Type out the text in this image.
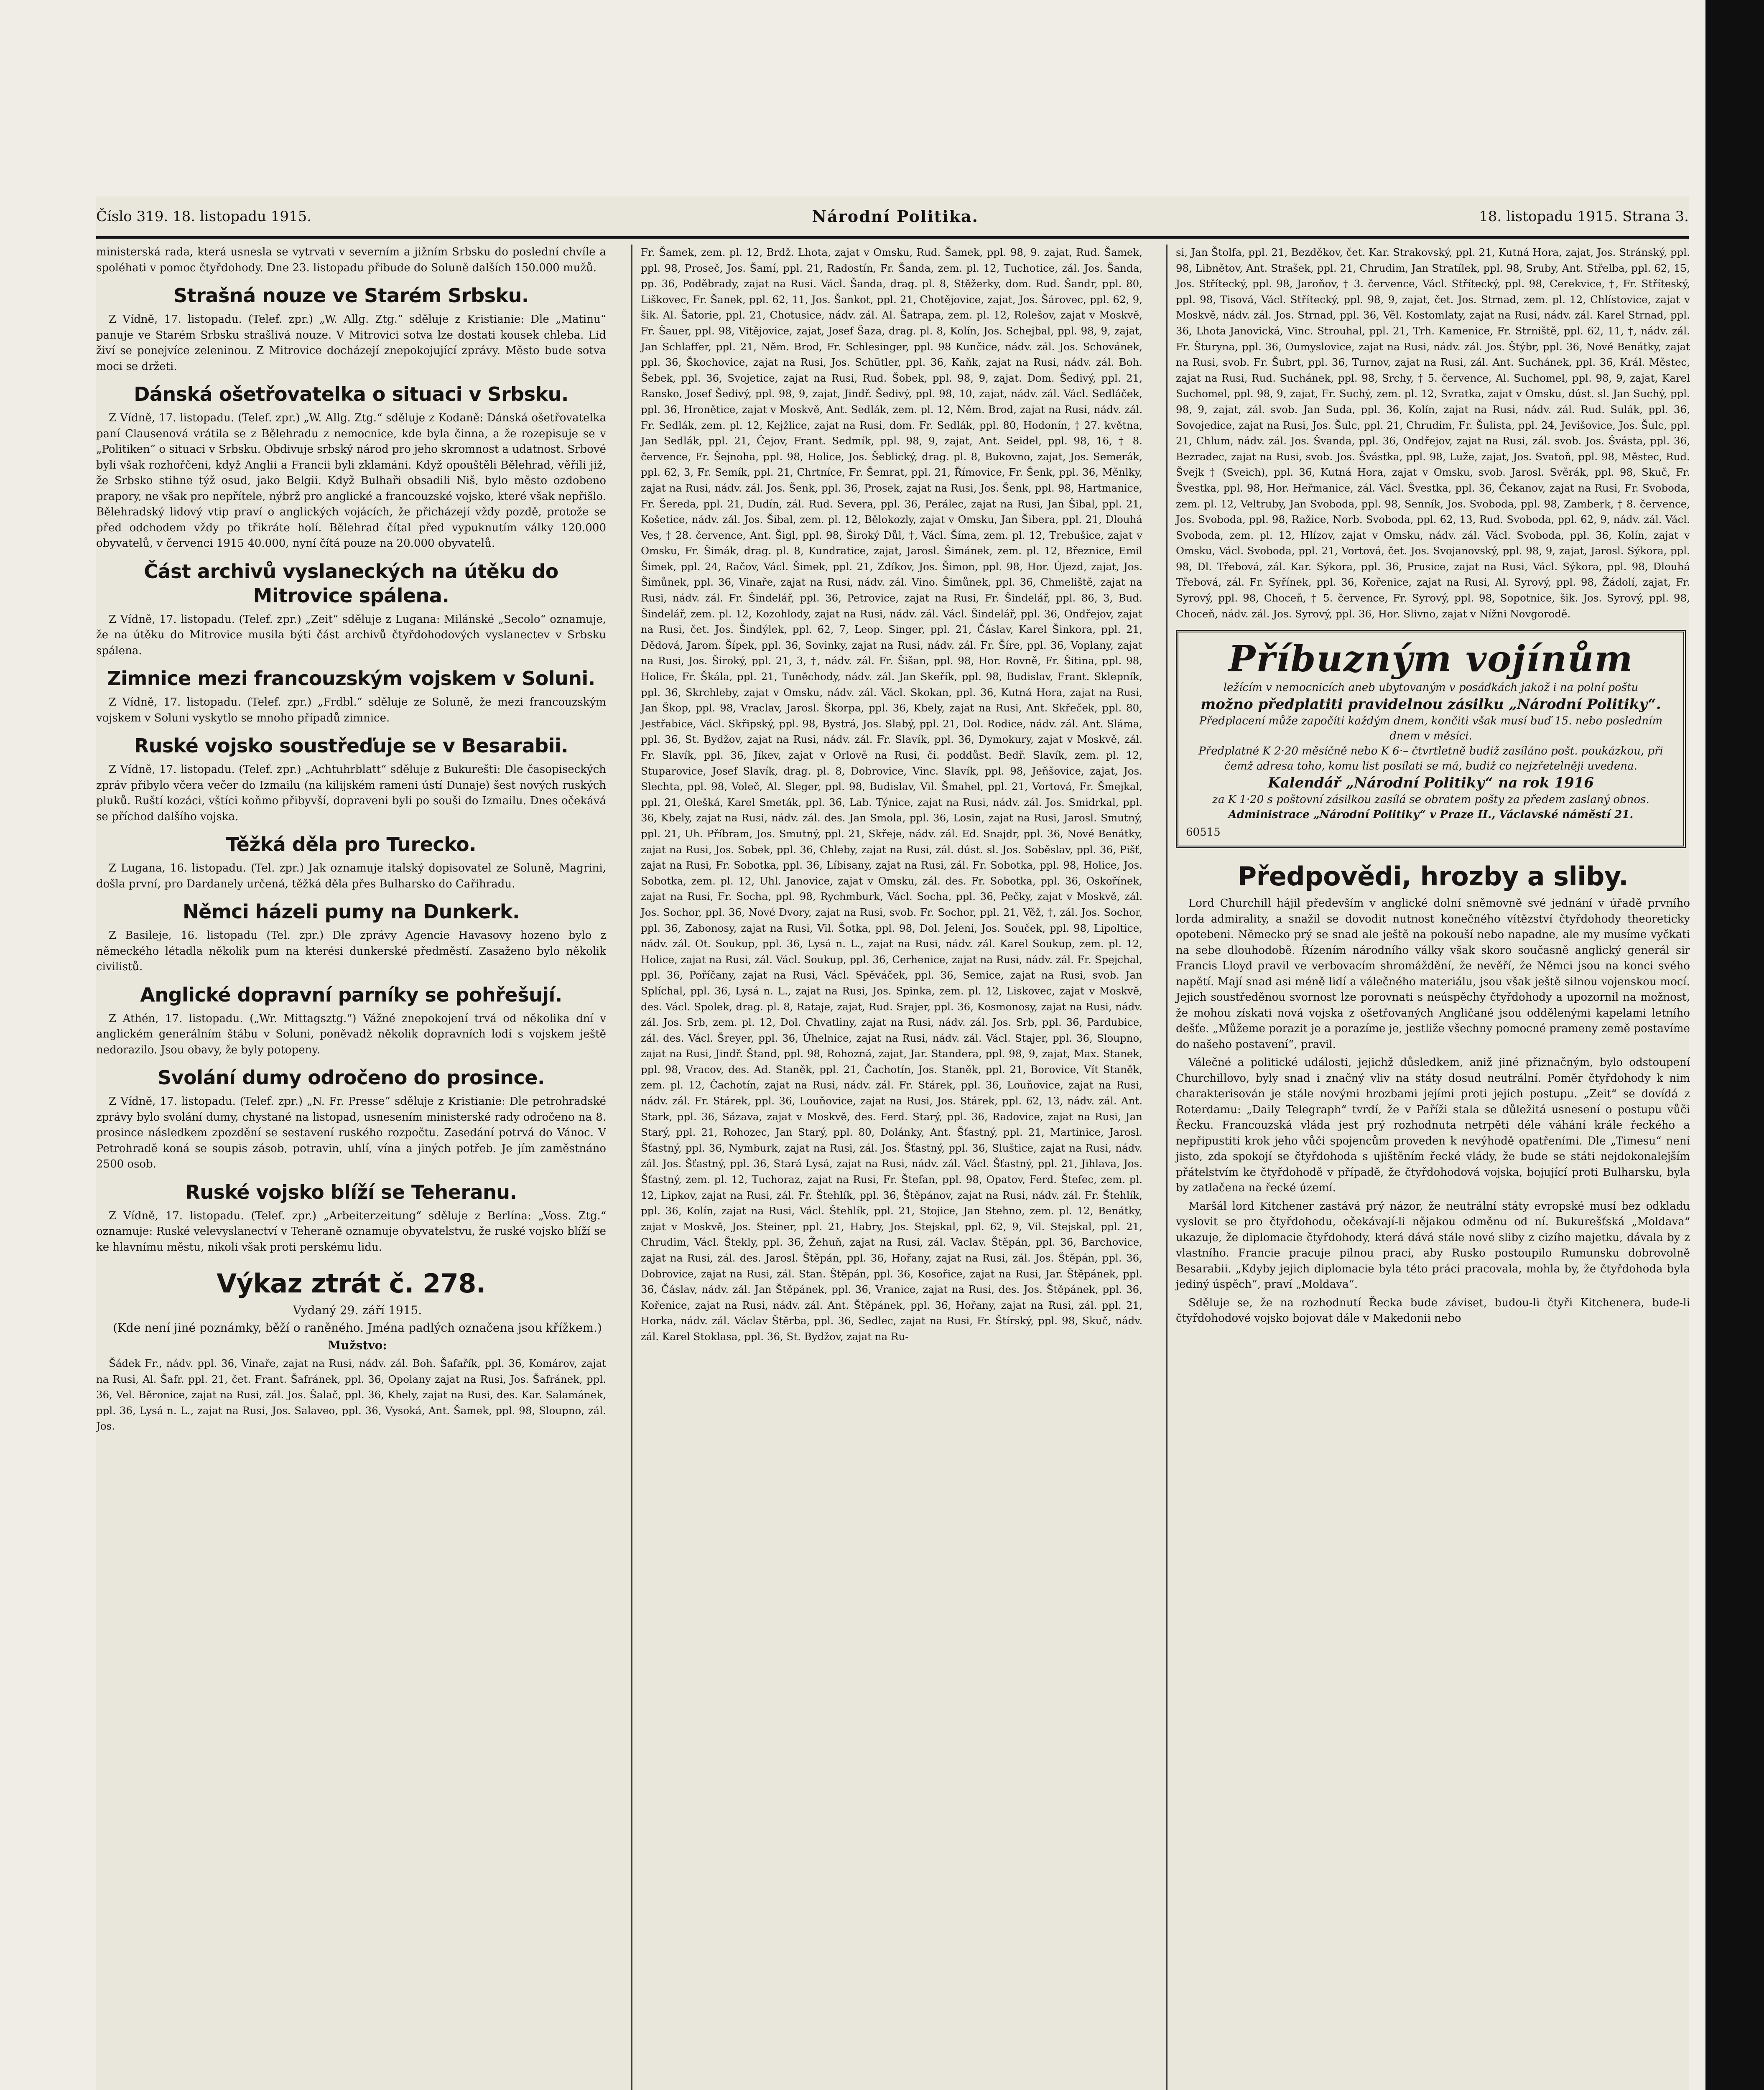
Číslo 319. 18. listopadu 1915.	Národní Politika.	18. listopadu 1915. Strana 3.

ministerská rada, která usnesla se vytrvati v severním a jižním Srbsku do poslední chvíle a spoléhati v pomoc čtyřdohody. Dne 23. listopadu přibude do Soluně dalších 150.000 mužů.

Strašná nouze ve Starém Srbsku.

Z Vídně, 17. listopadu. (Telef. zpr.) „W. Allg. Ztg.“ sděluje z Kristianie: Dle „Matinu“ panuje ve Starém Srbsku strašlivá nouze. V Mitrovici sotva lze dostati kousek chleba. Lid živí se ponejvíce zeleninou. Z Mitrovice docházejí znepokojující zprávy. Město bude sotva moci se držeti.

Dánská ošetřovatelka o situaci v Srbsku.

Z Vídně, 17. listopadu. (Telef. zpr.) „W. Allg. Ztg.“ sděluje z Kodaně: Dánská ošetřovatelka paní Clausenová vrátila se z Bělehradu z nemocnice, kde byla činna, a že rozepisuje se v „Politiken“ o situaci v Srbsku. Obdivuje srbský národ pro jeho skromnost a udatnost. Srbové byli však rozhořčeni, když Anglii a Francii byli zklamáni. Když opouštěli Bělehrad, věřili již, že Srbsko stihne týž osud, jako Belgii. Když Bulhaři obsadili Niš, bylo město ozdobeno prapory, ne však pro nepřítele, nýbrž pro anglické a francouzské vojsko, které však nepřišlo. Bělehradský lidový vtip praví o anglických vojácích, že přicházejí vždy pozdě, protože se před odchodem vždy po třikráte holí. Bělehrad čítal před vypuknutím války 120.000 obyvatelů, v červenci 1915 40.000, nyní čítá pouze na 20.000 obyvatelů.

Část archivů vyslaneckých na útěku do Mitrovice spálena.

Z Vídně, 17. listopadu. (Telef. zpr.) „Zeit“ sděluje z Lugana: Milánské „Secolo“ oznamuje, že na útěku do Mitrovice musila býti část archivů čtyřdohodových vyslanectev v Srbsku spálena.

Zimnice mezi francouzským vojskem v Soluni.

Z Vídně, 17. listopadu. (Telef. zpr.) „Frdbl.“ sděluje ze Soluně, že mezi francouzským vojskem v Soluni vyskytlo se mnoho případů zimnice.

Ruské vojsko soustřeďuje se v Besarabii.

Z Vídně, 17. listopadu. (Telef. zpr.) „Achtuhrblatt“ sděluje z Bukurešti: Dle časopiseckých zpráv přibylo včera večer do Izmailu (na kilijském rameni ústí Dunaje) šest nových ruských pluků. Ruští kozáci, vštíci koňmo přibyvší, dopraveni byli po souši do Izmailu. Dnes očekává se příchod dalšího vojska.

Těžká děla pro Turecko.

Z Lugana, 16. listopadu. (Tel. zpr.) Jak oznamuje italský dopisovatel ze Soluně, Magrini, došla první, pro Dardanely určená, těžká děla přes Bulharsko do Cařihradu.

Němci házeli pumy na Dunkerk.

Z Basileje, 16. listopadu (Tel. zpr.) Dle zprávy Agencie Havasovy hozeno bylo z německého létadla několik pum na kterési dunkerské předměstí. Zasaženo bylo několik civilistů.

Anglické dopravní parníky se pohřešují.

Z Athén, 17. listopadu. („Wr. Mittagsztg.“) Vážné znepokojení trvá od několika dní v anglickém generálním štábu v Soluni, poněvadž několik dopravních lodí s vojskem ještě nedorazilo. Jsou obavy, že byly potopeny.

Svolání dumy odročeno do prosince.

Z Vídně, 17. listopadu. (Telef. zpr.) „N. Fr. Presse“ sděluje z Kristianie: Dle petrohradské zprávy bylo svolání dumy, chystané na listopad, usnesením ministerské rady odročeno na 8. prosince následkem zpozdění se sestavení ruského rozpočtu. Zasedání potrvá do Vánoc. V Petrohradě koná se soupis zásob, potravin, uhlí, vína a jiných potřeb. Je jím zaměstnáno 2500 osob.

Ruské vojsko blíží se Teheranu.

Z Vídně, 17. listopadu. (Telef. zpr.) „Arbeiterzeitung“ sděluje z Berlína: „Voss. Ztg.“ oznamuje: Ruské velevyslanectví v Teheraně oznamuje obyvatelstvu, že ruské vojsko blíží se ke hlavnímu městu, nikoli však proti perskému lidu.

Výkaz ztrát č. 278.

Vydaný 29. září 1915.

(Kde není jiné poznámky, běží o raněného. Jména padlých označena jsou křížkem.)

Mužstvo:

Šádek Fr., nádv. ppl. 36, Vinaře, zajat na Rusi, nádv. zál. Boh. Šafařík, ppl. 36, Komárov, zajat na Rusi, Al. Šafr. ppl. 21, čet. Frant. Šafránek, ppl. 36, Opolany zajat na Rusi, Jos. Šafránek, ppl. 36, Vel. Běronice, zajat na Rusi, zál. Jos. Šalač, ppl. 36, Khely, zajat na Rusi, des. Kar. Salamánek, ppl. 36, Lysá n. L., zajat na Rusi, Jos. Salaveo, ppl. 36, Vysoká, Ant. Šamek, ppl. 98, Sloupno, zál. Jos.

Fr. Šamek, zem. pl. 12, Brdž. Lhota, zajat v Omsku, Rud. Šamek, ppl. 98, 9. zajat, Rud. Šamek, ppl. 98, Proseč, Jos. Šamí, ppl. 21, Radostín, Fr. Šanda, zem. pl. 12, Tuchotice, zál. Jos. Šanda, pp. 36, Poděbrady, zajat na Rusi. Václ. Šanda, drag. pl. 8, Stěžerky, dom. Rud. Šandr, ppl. 80, Liškovec, Fr. Šanek, ppl. 62, 11, Jos. Šankot, ppl. 21, Chotějovice, zajat, Jos. Šárovec, ppl. 62, 9, šik. Al. Šatorie, ppl. 21, Chotusice, nádv. zál. Al. Šatrapa, zem. pl. 12, Rolešov, zajat v Moskvě, Fr. Šauer, ppl. 98, Vitějovice, zajat, Josef Šaza, drag. pl. 8, Kolín, Jos. Schejbal, ppl. 98, 9, zajat, Jan Schlaffer, ppl. 21, Něm. Brod, Fr. Schlesinger, ppl. 98 Kunčice, nádv. zál. Jos. Schovánek, ppl. 36, Škochovice, zajat na Rusi, Jos. Schütler, ppl. 36, Kaňk, zajat na Rusi, nádv. zál. Boh. Šebek, ppl. 36, Svojetice, zajat na Rusi, Rud. Šobek, ppl. 98, 9, zajat. Dom. Šedivý, ppl. 21, Ransko, Josef Šedivý, ppl. 98, 9, zajat, Jindř. Šedivý, ppl. 98, 10, zajat, nádv. zál. Václ. Sedláček, ppl. 36, Hronětice, zajat v Moskvě, Ant. Sedlák, zem. pl. 12, Něm. Brod, zajat na Rusi, nádv. zál. Fr. Sedlák, zem. pl. 12, Kejžlice, zajat na Rusi, dom. Fr. Sedlák, ppl. 80, Hodonín, † 27. května, Jan Sedlák, ppl. 21, Čejov, Frant. Sedmík, ppl. 98, 9, zajat, Ant. Seidel, ppl. 98, 16, † 8. července, Fr. Šejnoha, ppl. 98, Holice, Jos. Šeblický, drag. pl. 8, Bukovno, zajat, Jos. Semerák, ppl. 62, 3, Fr. Semík, ppl. 21, Chrtníce, Fr. Šemrat, ppl. 21, Římovice, Fr. Šenk, ppl. 36, Měnlky, zajat na Rusi, nádv. zál. Jos. Šenk, ppl. 36, Prosek, zajat na Rusi, Jos. Šenk, ppl. 98, Hartmanice, Fr. Šereda, ppl. 21, Dudín, zál. Rud. Severa, ppl. 36, Perálec, zajat na Rusi, Jan Šibal, ppl. 21, Košetice, nádv. zál. Jos. Šibal, zem. pl. 12, Bělokozly, zajat v Omsku, Jan Šibera, ppl. 21, Dlouhá Ves, † 28. července, Ant. Šigl, ppl. 98, Široký Důl, †, Václ. Šíma, zem. pl. 12, Trebušice, zajat v Omsku, Fr. Šimák, drag. pl. 8, Kundratice, zajat, Jarosl. Šimánek, zem. pl. 12, Březnice, Emil Šimek, ppl. 24, Račov, Václ. Šimek, ppl. 21, Zdíkov, Jos. Šimon, ppl. 98, Hor. Újezd, zajat, Jos. Šimůnek, ppl. 36, Vinaře, zajat na Rusi, nádv. zál. Vino. Šimůnek, ppl. 36, Chmeliště, zajat na Rusi, nádv. zál. Fr. Šindelář, ppl. 36, Petrovice, zajat na Rusi, Fr. Šindelář, ppl. 86, 3, Bud. Šindelář, zem. pl. 12, Kozohlody, zajat na Rusi, nádv. zál. Václ. Šindelář, ppl. 36, Ondřejov, zajat na Rusi, čet. Jos. Šindýlek, ppl. 62, 7, Leop. Singer, ppl. 21, Čáslav, Karel Šinkora, ppl. 21, Dědová, Jarom. Šípek, ppl. 36, Sovinky, zajat na Rusi, nádv. zál. Fr. Šíre, ppl. 36, Voplany, zajat na Rusi, Jos. Široký, ppl. 21, 3, †, nádv. zál. Fr. Šišan, ppl. 98, Hor. Rovně, Fr. Šitina, ppl. 98, Holice, Fr. Škála, ppl. 21, Tuněchody, nádv. zál. Jan Skeřík, ppl. 98, Budislav, Frant. Sklepník, ppl. 36, Skrchleby, zajat v Omsku, nádv. zál. Václ. Skokan, ppl. 36, Kutná Hora, zajat na Rusi, Jan Škop, ppl. 98, Vraclav, Jarosl. Škorpa, ppl. 36, Kbely, zajat na Rusi, Ant. Skřeček, ppl. 80, Jestřabice, Václ. Skřipský, ppl. 98, Bystrá, Jos. Slabý, ppl. 21, Dol. Rodice, nádv. zál. Ant. Sláma, ppl. 36, St. Bydžov, zajat na Rusi, nádv. zál. Fr. Slavík, ppl. 36, Dymokury, zajat v Moskvě, zál. Fr. Slavík, ppl. 36, Jíkev, zajat v Orlově na Rusi, či. poddůst. Bedř. Slavík, zem. pl. 12, Stuparovice, Josef Slavík, drag. pl. 8, Dobrovice, Vinc. Slavík, ppl. 98, Jeňšovice, zajat, Jos. Slechta, ppl. 98, Voleč, Al. Sleger, ppl. 98, Budislav, Vil. Šmahel, ppl. 21, Vortová, Fr. Šmejkal, ppl. 21, Olešká, Karel Smeták, ppl. 36, Lab. Týnice, zajat na Rusi, nádv. zál. Jos. Smidrkal, ppl. 36, Kbely, zajat na Rusi, nádv. zál. des. Jan Smola, ppl. 36, Losin, zajat na Rusi, Jarosl. Smutný, ppl. 21, Uh. Příbram, Jos. Smutný, ppl. 21, Skřeje, nádv. zál. Ed. Snajdr, ppl. 36, Nové Benátky, zajat na Rusi, Jos. Sobek, ppl. 36, Chleby, zajat na Rusi, zál. dúst. sl. Jos. Soběslav, ppl. 36, Pišť, zajat na Rusi, Fr. Sobotka, ppl. 36, Líbisany, zajat na Rusi, zál. Fr. Sobotka, ppl. 98, Holice, Jos. Sobotka, zem. pl. 12, Uhl. Janovice, zajat v Omsku, zál. des. Fr. Sobotka, ppl. 36, Oskořínek, zajat na Rusi, Fr. Socha, ppl. 98, Rychmburk, Václ. Socha, ppl. 36, Pečky, zajat v Moskvě, zál. Jos. Sochor, ppl. 36, Nové Dvory, zajat na Rusi, svob. Fr. Sochor, ppl. 21, Věž, †, zál. Jos. Sochor, ppl. 36, Zabonosy, zajat na Rusi, Vil. Šotka, ppl. 98, Dol. Jeleni, Jos. Souček, ppl. 98, Lipoltice, nádv. zál. Ot. Soukup, ppl. 36, Lysá n. L., zajat na Rusi, nádv. zál. Karel Soukup, zem. pl. 12, Holice, zajat na Rusi, zál. Václ. Soukup, ppl. 36, Cerhenice, zajat na Rusi, nádv. zál. Fr. Spejchal, ppl. 36, Poříčany, zajat na Rusi, Václ. Spěváček, ppl. 36, Semice, zajat na Rusi, svob. Jan Splíchal, ppl. 36, Lysá n. L., zajat na Rusi, Jos. Spinka, zem. pl. 12, Liskovec, zajat v Moskvě, des. Václ. Spolek, drag. pl. 8, Rataje, zajat, Rud. Srajer, ppl. 36, Kosmonosy, zajat na Rusi, nádv. zál. Jos. Srb, zem. pl. 12, Dol. Chvatliny, zajat na Rusi, nádv. zál. Jos. Srb, ppl. 36, Pardubice, zál. des. Václ. Šreyer, ppl. 36, Úhelnice, zajat na Rusi, nádv. zál. Václ. Stajer, ppl. 36, Sloupno, zajat na Rusi, Jindř. Štand, ppl. 98, Rohozná, zajat, Jar. Standera, ppl. 98, 9, zajat, Max. Stanek, ppl. 98, Vracov, des. Ad. Staněk, ppl. 21, Čachotín, Jos. Staněk, ppl. 21, Borovice, Vít Staněk, zem. pl. 12, Čachotín, zajat na Rusi, nádv. zál. Fr. Stárek, ppl. 36, Louňovice, zajat na Rusi, nádv. zál. Fr. Stárek, ppl. 36, Louňovice, zajat na Rusi, Jos. Stárek, ppl. 62, 13, nádv. zál. Ant. Stark, ppl. 36, Sázava, zajat v Moskvě, des. Ferd. Starý, ppl. 36, Radovice, zajat na Rusi, Jan Starý, ppl. 21, Rohozec, Jan Starý, ppl. 80, Dolánky, Ant. Šťastný, ppl. 21, Martinice, Jarosl. Šťastný, ppl. 36, Nymburk, zajat na Rusi, zál. Jos. Šťastný, ppl. 36, Sluštice, zajat na Rusi, nádv. zál. Jos. Šťastný, ppl. 36, Stará Lysá, zajat na Rusi, nádv. zál. Václ. Šťastný, ppl. 21, Jihlava, Jos. Šťastný, zem. pl. 12, Tuchoraz, zajat na Rusi, Fr. Štefan, ppl. 98, Opatov, Ferd. Štefec, zem. pl. 12, Lipkov, zajat na Rusi, zál. Fr. Štehlík, ppl. 36, Štěpánov, zajat na Rusi, nádv. zál. Fr. Štehlík, ppl. 36, Kolín, zajat na Rusi, Václ. Štehlík, ppl. 21, Stojice, Jan Stehno, zem. pl. 12, Benátky, zajat v Moskvě, Jos. Steiner, ppl. 21, Habry, Jos. Stejskal, ppl. 62, 9, Vil. Stejskal, ppl. 21, Chrudim, Václ. Štekly, ppl. 36, Žehuň, zajat na Rusi, zál. Vaclav. Štěpán, ppl. 36, Barchovice, zajat na Rusi, zál. des. Jarosl. Štěpán, ppl. 36, Hořany, zajat na Rusi, zál. Jos. Štěpán, ppl. 36, Dobrovice, zajat na Rusi, zál. Stan. Štěpán, ppl. 36, Kosořice, zajat na Rusi, Jar. Štěpánek, ppl. 36, Čáslav, nádv. zál. Jan Štěpánek, ppl. 36, Vranice, zajat na Rusi, des. Jos. Štěpánek, ppl. 36, Kořenice, zajat na Rusi, nádv. zál. Ant. Štěpánek, ppl. 36, Hořany, zajat na Rusi, zál. ppl. 21, Horka, nádv. zál. Václav Štěrba, ppl. 36, Sedlec, zajat na Rusi, Fr. Štírský, ppl. 98, Skuč, nádv. zál. Karel Stoklasa, ppl. 36, St. Bydžov, zajat na Ru-

si, Jan Štolfa, ppl. 21, Bezděkov, čet. Kar. Strakovský, ppl. 21, Kutná Hora, zajat, Jos. Stránský, ppl. 98, Libnětov, Ant. Strašek, ppl. 21, Chrudim, Jan Stratílek, ppl. 98, Sruby, Ant. Střelba, ppl. 62, 15, Jos. Střítecký, ppl. 98, Jaroňov, † 3. července, Václ. Střítecký, ppl. 98, Cerekvice, †, Fr. Stříteský, ppl. 98, Tisová, Václ. Střítecký, ppl. 98, 9, zajat, čet. Jos. Strnad, zem. pl. 12, Chlístovice, zajat v Moskvě, nádv. zál. Jos. Strnad, ppl. 36, Věl. Kostomlaty, zajat na Rusi, nádv. zál. Karel Strnad, ppl. 36, Lhota Janovická, Vinc. Strouhal, ppl. 21, Trh. Kamenice, Fr. Strniště, ppl. 62, 11, †, nádv. zál. Fr. Šturyna, ppl. 36, Oumyslovice, zajat na Rusi, nádv. zál. Jos. Štýbr, ppl. 36, Nové Benátky, zajat na Rusi, svob. Fr. Šubrt, ppl. 36, Turnov, zajat na Rusi, zál. Ant. Suchánek, ppl. 36, Král. Městec, zajat na Rusi, Rud. Suchánek, ppl. 98, Srchy, † 5. července, Al. Suchomel, ppl. 98, 9, zajat, Karel Suchomel, ppl. 98, 9, zajat, Fr. Suchý, zem. pl. 12, Svratka, zajat v Omsku, dúst. sl. Jan Suchý, ppl. 98, 9, zajat, zál. svob. Jan Suda, ppl. 36, Kolín, zajat na Rusi, nádv. zál. Rud. Sulák, ppl. 36, Sovojedice, zajat na Rusi, Jos. Šulc, ppl. 21, Chrudim, Fr. Šulista, ppl. 24, Jevišovice, Jos. Šulc, ppl. 21, Chlum, nádv. zál. Jos. Švanda, ppl. 36, Ondřejov, zajat na Rusi, zál. svob. Jos. Švásta, ppl. 36, Bezradec, zajat na Rusi, svob. Jos. Švástka, ppl. 98, Luže, zajat, Jos. Svatoň, ppl. 98, Městec, Rud. Švejk † (Sveich), ppl. 36, Kutná Hora, zajat v Omsku, svob. Jarosl. Svěrák, ppl. 98, Skuč, Fr. Švestka, ppl. 98, Hor. Heřmanice, zál. Václ. Švestka, ppl. 36, Čekanov, zajat na Rusi, Fr. Svoboda, zem. pl. 12, Veltruby, Jan Svoboda, ppl. 98, Senník, Jos. Svoboda, ppl. 98, Zamberk, † 8. července, Jos. Svoboda, ppl. 98, Ražice, Norb. Svoboda, ppl. 62, 13, Rud. Svoboda, ppl. 62, 9, nádv. zál. Václ. Svoboda, zem. pl. 12, Hlízov, zajat v Omsku, nádv. zál. Václ. Svoboda, ppl. 36, Kolín, zajat v Omsku, Václ. Svoboda, ppl. 21, Vortová, čet. Jos. Svojanovský, ppl. 98, 9, zajat, Jarosl. Sýkora, ppl. 98, Dl. Třebová, zál. Kar. Sýkora, ppl. 36, Prusice, zajat na Rusi, Václ. Sýkora, ppl. 98, Dlouhá Třebová, zál. Fr. Syřínek, ppl. 36, Kořenice, zajat na Rusi, Al. Syrový, ppl. 98, Žádolí, zajat, Fr. Syrový, ppl. 98, Choceň, † 5. července, Fr. Syrový, ppl. 98, Sopotnice, šik. Jos. Syrový, ppl. 98, Choceň, nádv. zál. Jos. Syrový, ppl. 36, Hor. Slivno, zajat v Nížni Novgorodě.

Příbuzným vojínům
ležícím v nemocnicích aneb ubytovaným v posádkách jakož i na polní poštu
možno předplatiti pravidelnou zásilku „Národní Politiky“.
Předplacení může započíti každým dnem, končiti však musí buď 15. nebo posledním dnem v měsíci.
Předplatné K 2·20 měsíčně nebo K 6·– čtvrtletně budiž zasíláno pošt. poukázkou, při čemž adresa toho, komu list posílati se má, budiž co nejzřetelněji uvedena.
Kalendář „Národní Politiky“ na rok 1916
za K 1·20 s poštovní zásilkou zasílá se obratem pošty za předem zaslaný obnos.
Administrace „Národní Politiky“ v Praze II., Václavské náměstí 21.
60515
Předpovědi, hrozby a sliby.

Lord Churchill hájil především v anglické dolní sněmovně své jednání v úřadě prvního lorda admirality, a snažil se dovodit nutnost konečného vítězství čtyřdohody theoreticky opotebeni. Německo prý se snad ale ještě na pokouší nebo napadne, ale my musíme vyčkati na sebe dlouhodobě. Řízením národního války však skoro současně anglický generál sir Francis Lloyd pravil ve verbovacím shromáždění, že nevěří, že Němci jsou na konci svého napětí. Mají snad asi méně lidí a válečného materiálu, jsou však ještě silnou vojenskou mocí. Jejich soustředěnou svornost lze porovnati s neúspěchy čtyřdohody a upozornil na možnost, že mohou získati nová vojska z ošetřovaných Angličané jsou oddělenými kapelami letního dešťe. „Můžeme porazit je a porazíme je, jestliže všechny pomocné prameny země postavíme do našeho postavení“, pravil.

Válečné a politické události, jejichž důsledkem, aniž jiné přiznačným, bylo odstoupení Churchillovo, byly snad i značný vliv na státy dosud neutrální. Poměr čtyřdohody k nim charakterisován je stále novými hrozbami jejími proti jejich postupu. „Zeit“ se dovídá z Roterdamu: „Daily Telegraph“ tvrdí, že v Paříži stala se důležitá usnesení o postupu vůči Řecku. Francouzská vláda jest prý rozhodnuta netrpěti déle váhání krále řeckého a nepřipustiti krok jeho vůči spojencům proveden k nevýhodě opatřeními. Dle „Timesu“ není jisto, zda spokojí se čtyřdohoda s ujištěním řecké vlády, že bude se státi nejdokonalejším přátelstvím ke čtyřdohodě v případě, že čtyřdohodová vojska, bojující proti Bulharsku, byla by zatlačena na řecké území.

Maršál lord Kitchener zastává prý názor, že neutrální státy evropské musí bez odkladu vyslovit se pro čtyřdohodu, očekávají-li nějakou odměnu od ní. Bukurešťská „Moldava“ ukazuje, že diplomacie čtyřdohody, která dává stále nové sliby z cizího majetku, dávala by z vlastního. Francie pracuje pilnou prací, aby Rusko postoupilo Rumunsku dobrovolně Besarabii. „Kdyby jejich diplomacie byla této práci pracovala, mohla by, že čtyřdohoda byla jediný úspěch“, praví „Moldava“.

Sděluje se, že na rozhodnutí Řecka bude záviset, budou-li čtyři Kitchenera, bude-li čtyřdohodové vojsko bojovat dále v Makedonii nebo
